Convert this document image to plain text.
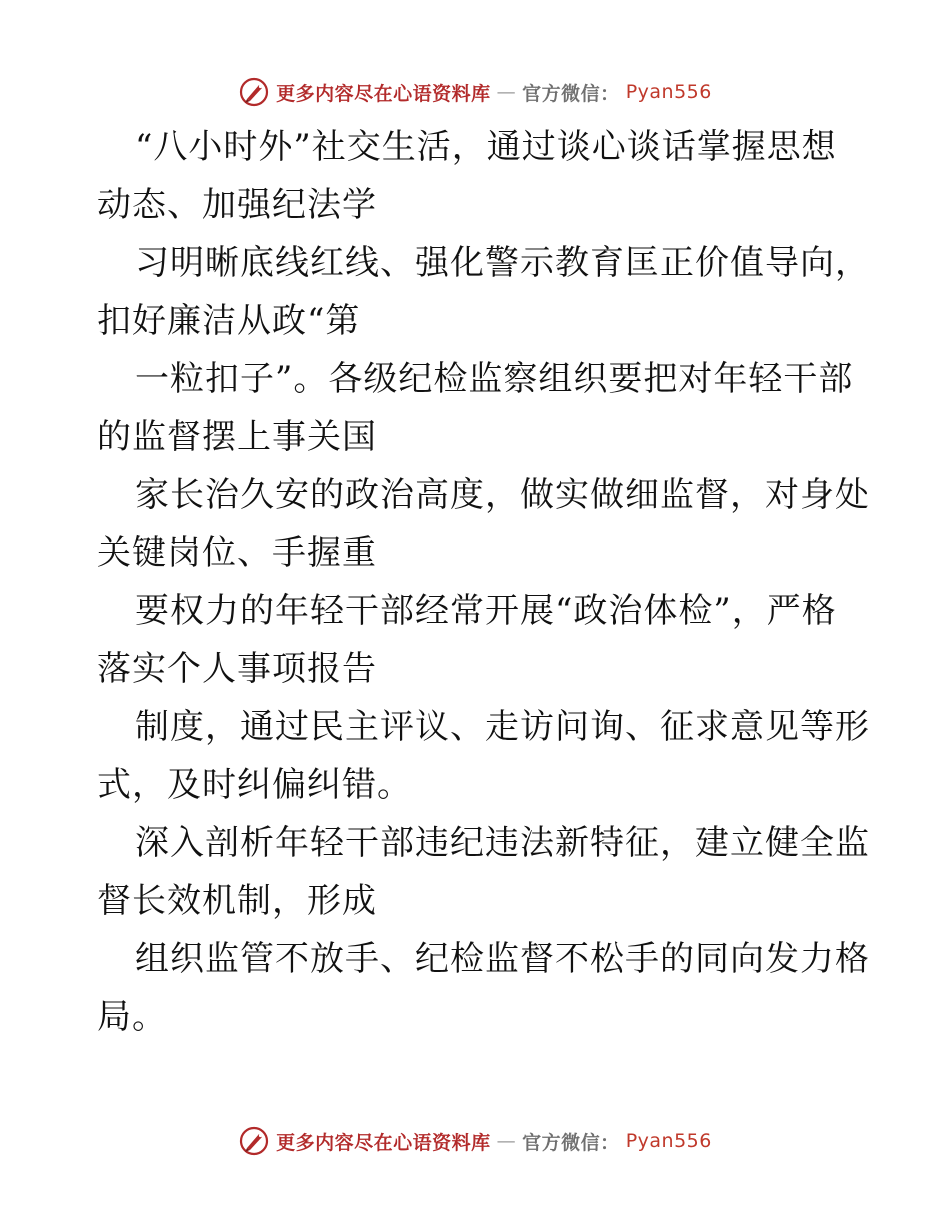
更多内容尽在心语资料库 — 官方微信： Pyan556
“八小时外”社交生活，通过谈心谈话掌握思想
动态、加强纪法学
习明晰底线红线、强化警示教育匡正价值导向，
扣好廉洁从政“第
一粒扣子”。各级纪检监察组织要把对年轻干部
的监督摆上事关国
家长治久安的政治高度，做实做细监督，对身处
关键岗位、手握重
要权力的年轻干部经常开展“政治体检”，严格
落实个人事项报告
制度，通过民主评议、走访问询、征求意见等形
式，及时纠偏纠错。
深入剖析年轻干部违纪违法新特征，建立健全监
督长效机制，形成
组织监管不放手、纪检监督不松手的同向发力格
局。
更多内容尽在心语资料库 — 官方微信： Pyan556
